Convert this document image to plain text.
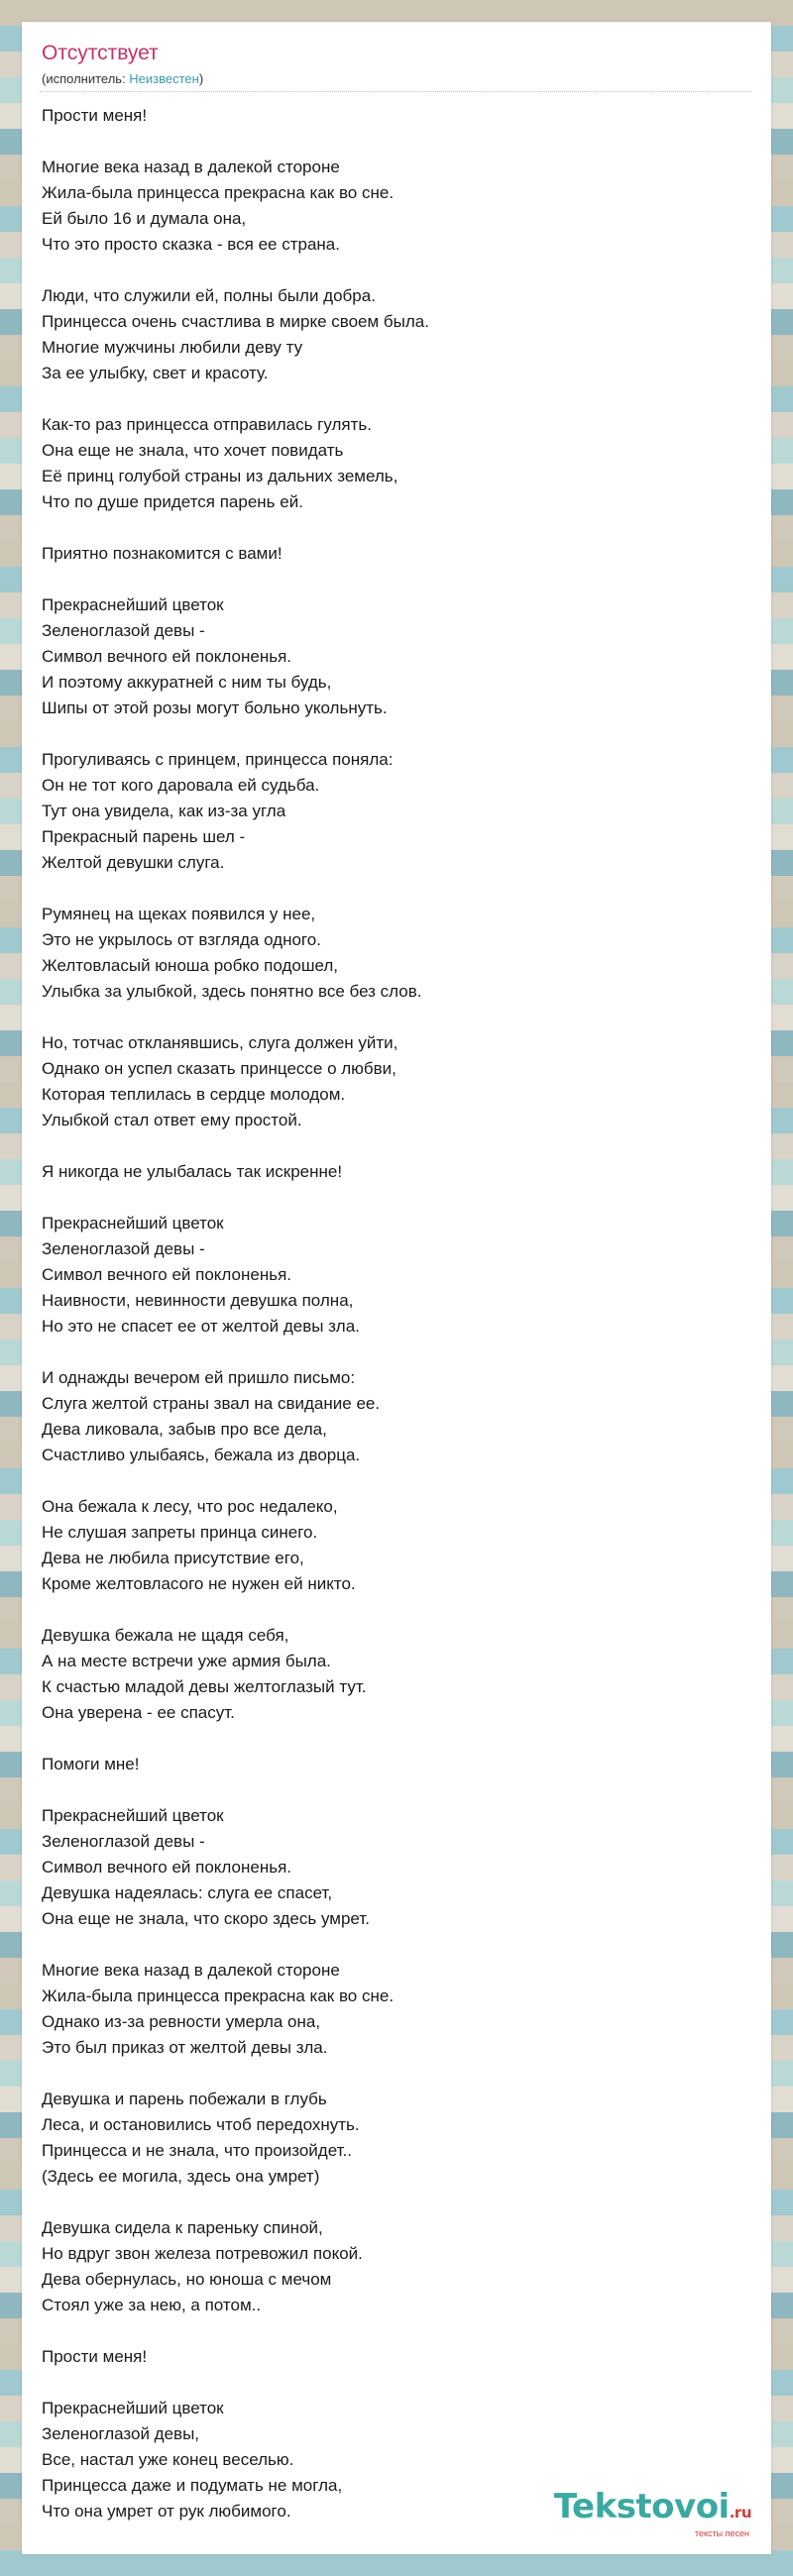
Отсутствует
(исполнитель: Неизвестен)
Прости меня!

Многие века назад в далекой стороне
Жила-была принцесса прекрасна как во сне.
Ей было 16 и думала она,
Что это просто сказка - вся ее страна.

Люди, что служили ей, полны были добра.
Принцесса очень счастлива в мирке своем была.
Многие мужчины любили деву ту
За ее улыбку, свет и красоту.

Как-то раз принцесса отправилась гулять.
Она еще не знала, что хочет повидать
Её принц голубой страны из дальних земель,
Что по душе придется парень ей.

Приятно познакомится с вами!

Прекраснейший цветок
Зеленоглазой девы -
Символ вечного ей поклоненья.
И поэтому аккуратней с ним ты будь,
Шипы от этой розы могут больно укольнуть.

Прогуливаясь с принцем, принцесса поняла:
Он не тот кого даровала ей судьба.
Тут она увидела, как из-за угла
Прекрасный парень шел -
Желтой девушки слуга.

Румянец на щеках появился у нее,
Это не укрылось от взгляда одного.
Желтовласый юноша робко подошел,
Улыбка за улыбкой, здесь понятно все без слов.

Но, тотчас откланявшись, слуга должен уйти,
Однако он успел сказать принцессе о любви,
Которая теплилась в сердце молодом.
Улыбкой стал ответ ему простой.

Я никогда не улыбалась так искренне!

Прекраснейший цветок
Зеленоглазой девы -
Символ вечного ей поклоненья.
Наивности, невинности девушка полна,
Но это не спасет ее от желтой девы зла.

И однажды вечером ей пришло письмо:
Слуга желтой страны звал на свидание ее.
Дева ликовала, забыв про все дела,
Счастливо улыбаясь, бежала из дворца.

Она бежала к лесу, что рос недалеко,
Не слушая запреты принца синего.
Дева не любила присутствие его,
Кроме желтовласого не нужен ей никто.

Девушка бежала не щадя себя,
А на месте встречи уже армия была.
К счастью младой девы желтоглазый тут.
Она уверена - ее спасут.

Помоги мне!

Прекраснейший цветок
Зеленоглазой девы -
Символ вечного ей поклоненья.
Девушка надеялась: слуга ее спасет,
Она еще не знала, что скоро здесь умрет.

Многие века назад в далекой стороне
Жила-была принцесса прекрасна как во сне.
Однако из-за ревности умерла она,
Это был приказ от желтой девы зла.

Девушка и парень побежали в глубь
Леса, и остановились чтоб передохнуть.
Принцесса и не знала, что произойдет..
(Здесь ее могила, здесь она умрет)

Девушка сидела к пареньку спиной,
Но вдруг звон железа потревожил покой.
Дева обернулась, но юноша с мечом
Стоял уже за нею, а потом..

Прости меня!

Прекраснейший цветок
Зеленоглазой девы,
Все, настал уже конец веселью.
Принцесса даже и подумать не могла,
Что она умрет от рук любимого.	Tekstovoi.ru
тексты песен
